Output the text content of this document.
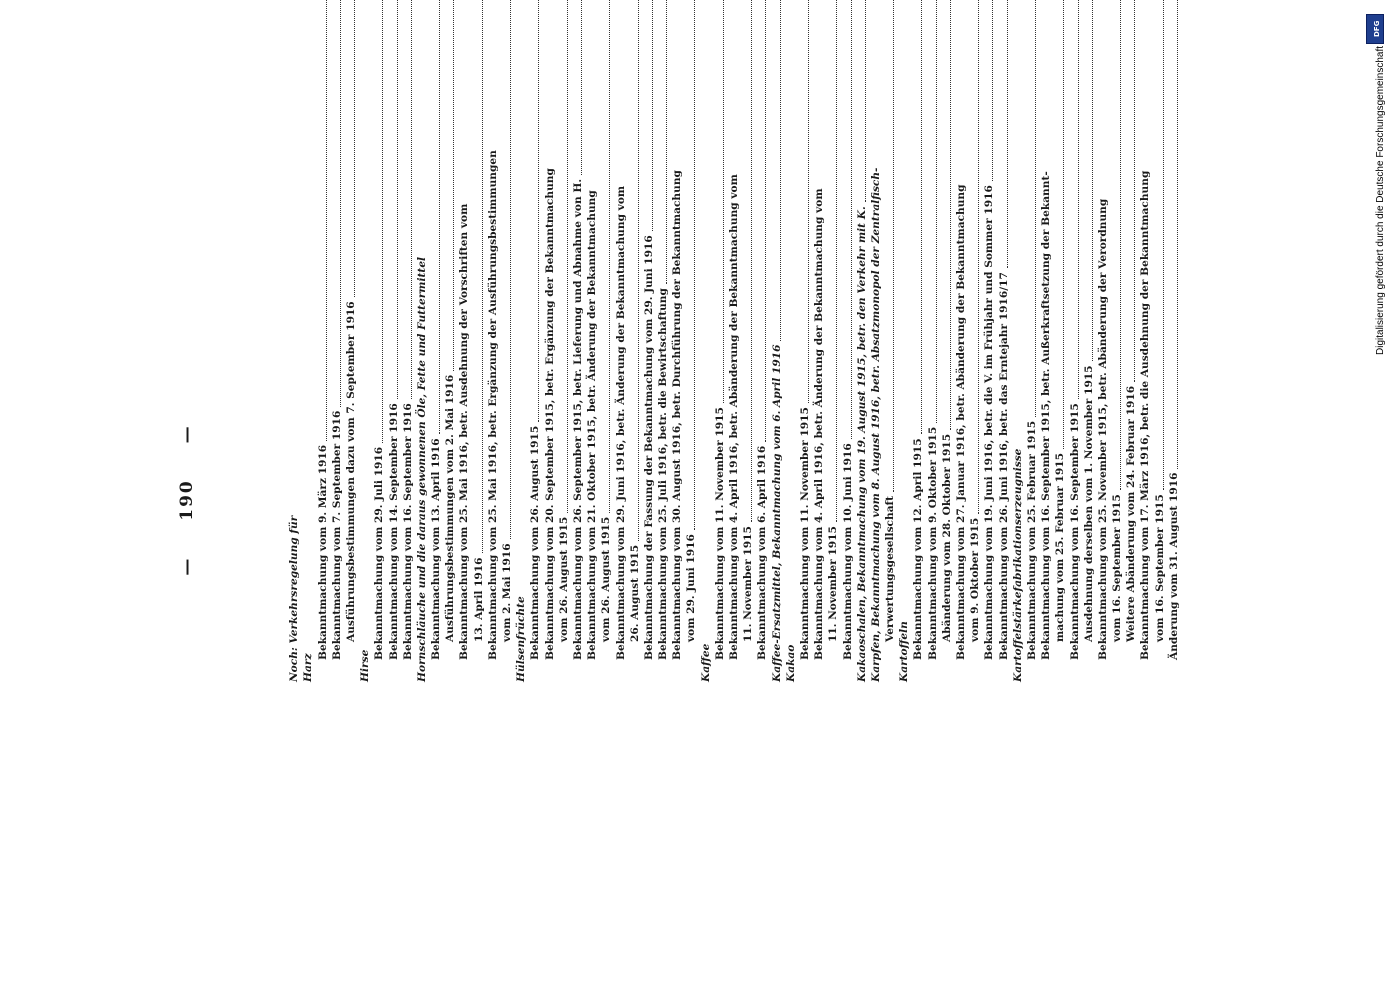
— 190 —
Noch: Verkehrsregelung für Harz
Bekanntmachung vom 9. März 1916 Bekanntmachung vom 7. September 1916 Ausführungsbestimmungen dazu vom 7. September 1916
Hirse
Bekanntmachung vom 29. Juli 1916 Bekanntmachung vom 14. September 1916 Bekanntmachung vom 16. September 1916 Hornschläuche und die daraus gewonnenen Öle, Fette und Futtermittel Bekanntmachung vom 13. April 1916 Ausführungsbestimmungen vom 2. Mai 1916 Bekanntmachung vom 25. Mai 1916, betr. Ausdehnung der Vorschriften vom 13. April 1916 Bekanntmachung vom 25. Mai 1916, betr. Ergänzung der Ausführungsbestimmungen vom 2. Mai 1916 Hülsenfrüchte Bekanntmachung vom 26. August 1915 Bekanntmachung vom 20. September 1915, betr. Ergänzung der Bekanntmachung vom 26. August 1915 Bekanntmachung vom 26. September 1915, betr. Lieferung und Abnahme von H. Bekanntmachung vom 21. Oktober 1915, betr. Änderung der Bekanntmachung vom 26. August 1915 Bekanntmachung vom 29. Juni 1916, betr. Änderung der Bekanntmachung vom 26. August 1915 Bekanntmachung der Fassung der Bekanntmachung vom 29. Juni 1916 Bekanntmachung vom 25. Juli 1916, betr. die Bewirtschaftung Bekanntmachung vom 30. August 1916, betr. Durchführung der Bekanntmachung vom 29. Juni 1916
Kaffee
Bekanntmachung vom 11. November 1915 Bekanntmachung vom 4. April 1916, betr. Abänderung der Bekanntmachung vom 11. November 1915 Bekanntmachung vom 6. April 1916 Kaffee-Ersatzmittel, Bekanntmachung vom 6. April 1916 Kakao
Bekanntmachung vom 11. November 1915 Bekanntmachung vom 4. April 1916, betr. Änderung der Bekanntmachung vom 11. November 1915 Bekanntmachung vom 10. Juni 1916 Kakaoschalen, Bekanntmachung vom 19. August 1915, betr. den Verkehr mit K. Karpfen, Bekanntmachung vom 8. August 1916, betr. Absatzmonopol der Zentralfisch- Verwertungsgesellschaft
Kartoffeln Bekanntmachung vom 12. April 1915 Bekanntmachung vom 9. Oktober 1915 Abänderung vom 28. Oktober 1915 Bekanntmachung vom 27. Januar 1916, betr. Abänderung der Bekanntmachung vom 9. Oktober 1915 Bekanntmachung vom 19. Juni 1916, betr. die V. im Frühjahr und Sommer 1916 Bekanntmachung vom 26. Juni 1916, betr. das Erntejahr 1916/17 Kartoffelstärkefabrikationserzeugnisse Bekanntmachung vom 25. Februar 1915 Bekanntmachung vom 16. September 1915, betr. Außerkraftsetzung der Bekannt- machung vom 25. Februar 1915 Bekanntmachung vom 16. September 1915 Ausdehnung derselben vom 1. November 1915 Bekanntmachung vom 25. November 1915, betr. Abänderung der Verordnung vom 16. September 1915 Weitere Abänderung vom 24. Februar 1916 Bekanntmachung vom 17. März 1916, betr. die Ausdehnung der Bekanntmachung vom 16. September 1915 Änderung vom 31. August 1916
DFG
Digitalisierung gefördert durch die Deutsche Forschungsgemeinschaft
